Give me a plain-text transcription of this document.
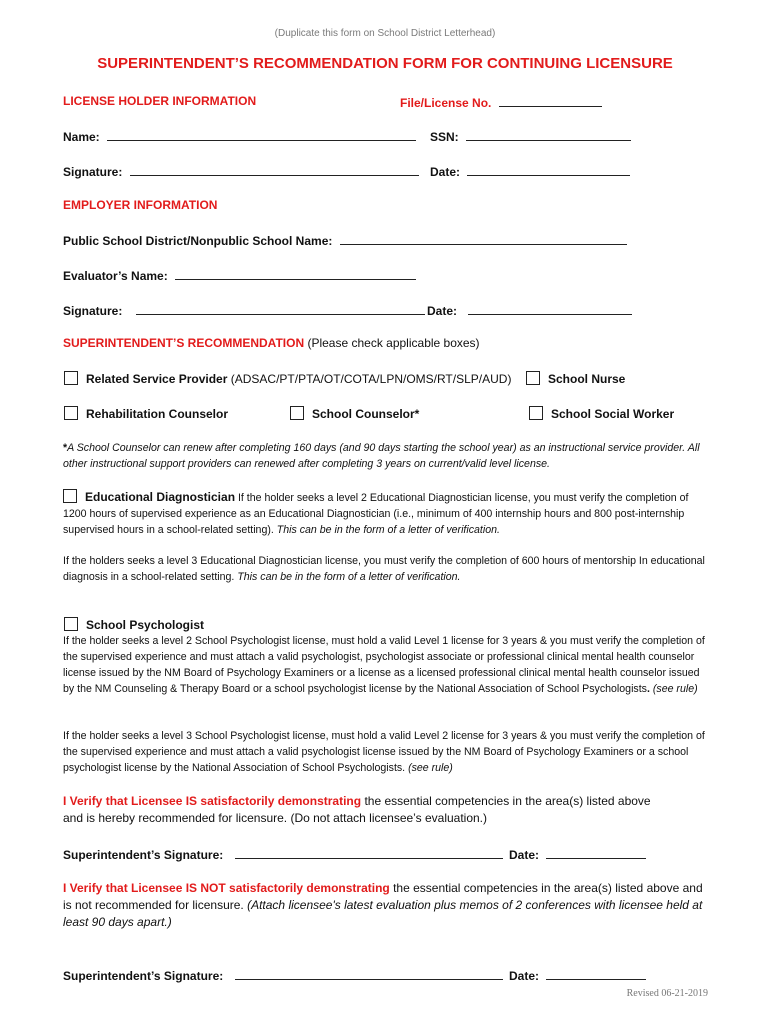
(Duplicate this form on School District Letterhead)
SUPERINTENDENT’S RECOMMENDATION FORM FOR CONTINUING LICENSURE
LICENSE HOLDER INFORMATION	File/License No.
Name:	SSN:
Signature:	Date:
EMPLOYER INFORMATION
Public School District/Nonpublic School Name:
Evaluator’s Name:
Signature:	Date:
SUPERINTENDENT’S RECOMMENDATION (Please check applicable boxes)
Related Service Provider (ADSAC/PT/PTA/OT/COTA/LPN/OMS/RT/SLP/AUD)	School Nurse
Rehabilitation Counselor	School Counselor*	School Social Worker
*A School Counselor can renew after completing 160 days (and 90 days starting the school year) as an instructional service provider. All other instructional support providers can renewed after completing 3 years on current/valid level license.
Educational Diagnostician If the holder seeks a level 2 Educational Diagnostician license, you must verify the completion of 1200 hours of supervised experience as an Educational Diagnostician (i.e., minimum of 400 internship hours and 800 post-internship supervised hours in a school-related setting). This can be in the form of a letter of verification.
If the holders seeks a level 3 Educational Diagnostician license, you must verify the completion of 600 hours of mentorship In educational diagnosis in a school-related setting. This can be in the form of a letter of verification.
School Psychologist
If the holder seeks a level 2 School Psychologist license, must hold a valid Level 1 license for 3 years & you must verify the completion of the supervised experience and must attach a valid psychologist, psychologist associate or professional clinical mental health counselor license issued by the NM Board of Psychology Examiners or a license as a licensed professional clinical mental health counselor issued by the NM Counseling & Therapy Board or a school psychologist license by the National Association of School Psychologists. (see rule)
If the holder seeks a level 3 School Psychologist license, must hold a valid Level 2 license for 3 years & you must verify the completion of the supervised experience and must attach a valid psychologist license issued by the NM Board of Psychology Examiners or a school psychologist license by the National Association of School Psychologists. (see rule)
I Verify that Licensee IS satisfactorily demonstrating the essential competencies in the area(s) listed above and is hereby recommended for licensure. (Do not attach licensee’s evaluation.)
Superintendent’s Signature:	Date:
I Verify that Licensee IS NOT satisfactorily demonstrating the essential competencies in the area(s) listed above and is not recommended for licensure. (Attach licensee's latest evaluation plus memos of 2 conferences with licensee held at least 90 days apart.)
Superintendent’s Signature:	Date:
Revised 06-21-2019
